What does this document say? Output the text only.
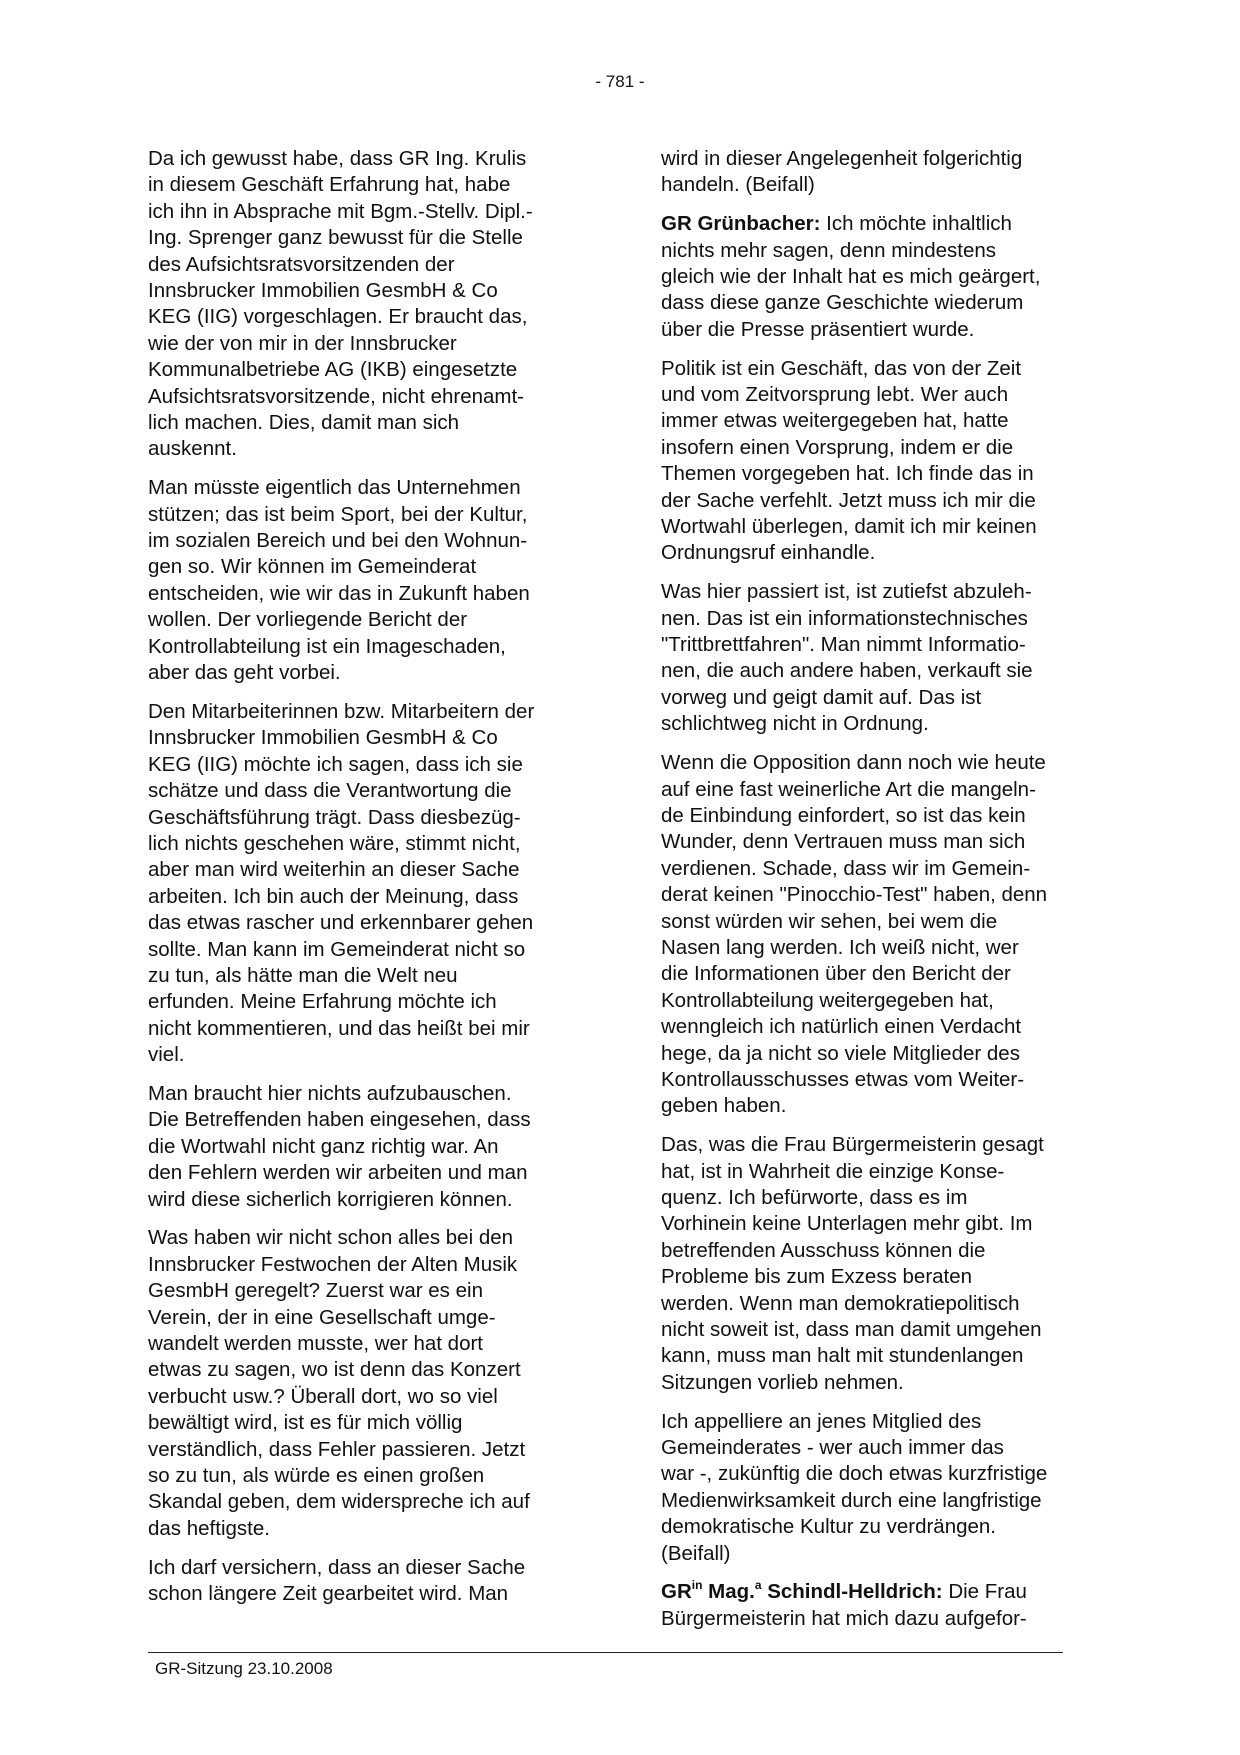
- 781 -

Da ich gewusst habe, dass GR Ing. Krulis
in diesem Geschäft Erfahrung hat, habe
ich ihn in Absprache mit Bgm.-Stellv. Dipl.-
Ing. Sprenger ganz bewusst für die Stelle
des Aufsichtsratsvorsitzenden der
Innsbrucker Immobilien GesmbH & Co
KEG (IIG) vorgeschlagen. Er braucht das,
wie der von mir in der Innsbrucker
Kommunalbetriebe AG (IKB) eingesetzte
Aufsichtsratsvorsitzende, nicht ehrenamt-
lich machen. Dies, damit man sich
auskennt.

Man müsste eigentlich das Unternehmen
stützen; das ist beim Sport, bei der Kultur,
im sozialen Bereich und bei den Wohnun-
gen so. Wir können im Gemeinderat
entscheiden, wie wir das in Zukunft haben
wollen. Der vorliegende Bericht der
Kontrollabteilung ist ein Imageschaden,
aber das geht vorbei.

Den Mitarbeiterinnen bzw. Mitarbeitern der
Innsbrucker Immobilien GesmbH & Co
KEG (IIG) möchte ich sagen, dass ich sie
schätze und dass die Verantwortung die
Geschäftsführung trägt. Dass diesbezüg-
lich nichts geschehen wäre, stimmt nicht,
aber man wird weiterhin an dieser Sache
arbeiten. Ich bin auch der Meinung, dass
das etwas rascher und erkennbarer gehen
sollte. Man kann im Gemeinderat nicht so
zu tun, als hätte man die Welt neu
erfunden. Meine Erfahrung möchte ich
nicht kommentieren, und das heißt bei mir
viel.

Man braucht hier nichts aufzubauschen.
Die Betreffenden haben eingesehen, dass
die Wortwahl nicht ganz richtig war. An
den Fehlern werden wir arbeiten und man
wird diese sicherlich korrigieren können.

Was haben wir nicht schon alles bei den
Innsbrucker Festwochen der Alten Musik
GesmbH geregelt? Zuerst war es ein
Verein, der in eine Gesellschaft umge-
wandelt werden musste, wer hat dort
etwas zu sagen, wo ist denn das Konzert
verbucht usw.? Überall dort, wo so viel
bewältigt wird, ist es für mich völlig
verständlich, dass Fehler passieren. Jetzt
so zu tun, als würde es einen großen
Skandal geben, dem widerspreche ich auf
das heftigste.

Ich darf versichern, dass an dieser Sache
schon längere Zeit gearbeitet wird. Man

wird in dieser Angelegenheit folgerichtig
handeln. (Beifall)

GR Grünbacher: Ich möchte inhaltlich
nichts mehr sagen, denn mindestens
gleich wie der Inhalt hat es mich geärgert,
dass diese ganze Geschichte wiederum
über die Presse präsentiert wurde.

Politik ist ein Geschäft, das von der Zeit
und vom Zeitvorsprung lebt. Wer auch
immer etwas weitergegeben hat, hatte
insofern einen Vorsprung, indem er die
Themen vorgegeben hat. Ich finde das in
der Sache verfehlt. Jetzt muss ich mir die
Wortwahl überlegen, damit ich mir keinen
Ordnungsruf einhandle.

Was hier passiert ist, ist zutiefst abzuleh-
nen. Das ist ein informationstechnisches
"Trittbrettfahren". Man nimmt Informatio-
nen, die auch andere haben, verkauft sie
vorweg und geigt damit auf. Das ist
schlichtweg nicht in Ordnung.

Wenn die Opposition dann noch wie heute
auf eine fast weinerliche Art die mangeln-
de Einbindung einfordert, so ist das kein
Wunder, denn Vertrauen muss man sich
verdienen. Schade, dass wir im Gemein-
derat keinen "Pinocchio-Test" haben, denn
sonst würden wir sehen, bei wem die
Nasen lang werden. Ich weiß nicht, wer
die Informationen über den Bericht der
Kontrollabteilung weitergegeben hat,
wenngleich ich natürlich einen Verdacht
hege, da ja nicht so viele Mitglieder des
Kontrollausschusses etwas vom Weiter-
geben haben.

Das, was die Frau Bürgermeisterin gesagt
hat, ist in Wahrheit die einzige Konse-
quenz. Ich befürworte, dass es im
Vorhinein keine Unterlagen mehr gibt. Im
betreffenden Ausschuss können die
Probleme bis zum Exzess beraten
werden. Wenn man demokratiepolitisch
nicht soweit ist, dass man damit umgehen
kann, muss man halt mit stundenlangen
Sitzungen vorlieb nehmen.

Ich appelliere an jenes Mitglied des
Gemeinderates - wer auch immer das
war -, zukünftig die doch etwas kurzfristige
Medienwirksamkeit durch eine langfristige
demokratische Kultur zu verdrängen.
(Beifall)

$GR^{in}$ Mag.$^a$ Schindl-Helldrich: Die Frau
Bürgermeisterin hat mich dazu aufgefor-

GR-Sitzung 23.10.2008
